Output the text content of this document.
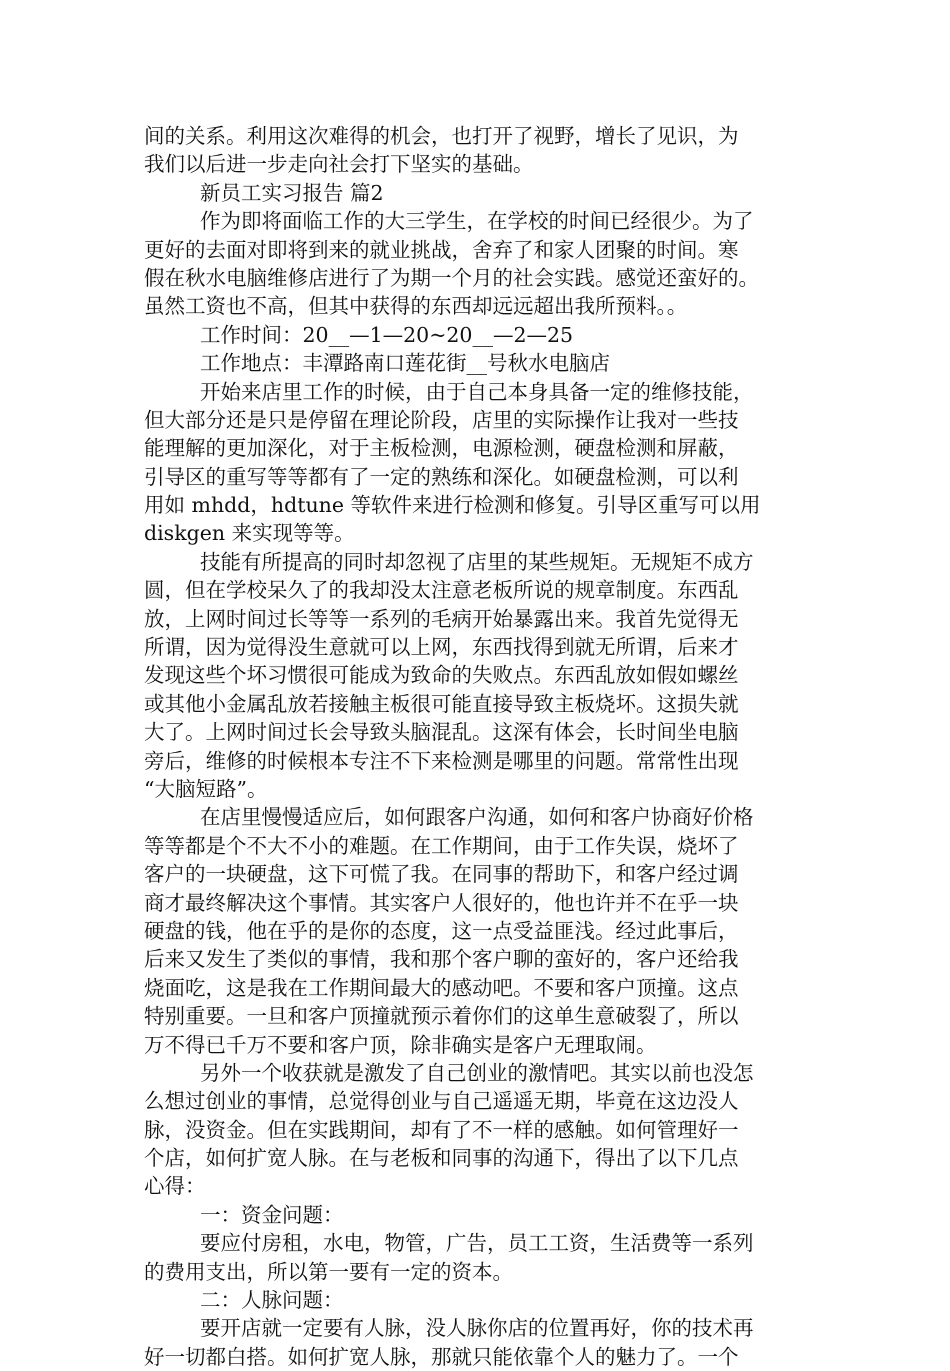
间的关系。利用这次难得的机会，也打开了视野，增长了见识，为
我们以后进一步走向社会打下坚实的基础。
新员工实习报告 篇2
作为即将面临工作的大三学生，在学校的时间已经很少。为了
更好的去面对即将到来的就业挑战，舍弃了和家人团聚的时间。寒
假在秋水电脑维修店进行了为期一个月的社会实践。感觉还蛮好的。
虽然工资也不高，但其中获得的东西却远远超出我所预料。。
工作时间：20__—1—20~20__—2—25
工作地点：丰潭路南口莲花街__号秋水电脑店
开始来店里工作的时候，由于自己本身具备一定的维修技能，
但大部分还是只是停留在理论阶段，店里的实际操作让我对一些技
能理解的更加深化，对于主板检测，电源检测，硬盘检测和屏蔽，
引导区的重写等等都有了一定的熟练和深化。如硬盘检测，可以利
用如 mhdd，hdtune 等软件来进行检测和修复。引导区重写可以用
diskgen 来实现等等。
技能有所提高的同时却忽视了店里的某些规矩。无规矩不成方
圆，但在学校呆久了的我却没太注意老板所说的规章制度。东西乱
放，上网时间过长等等一系列的毛病开始暴露出来。我首先觉得无
所谓，因为觉得没生意就可以上网，东西找得到就无所谓，后来才
发现这些个坏习惯很可能成为致命的失败点。东西乱放如假如螺丝
或其他小金属乱放若接触主板很可能直接导致主板烧坏。这损失就
大了。上网时间过长会导致头脑混乱。这深有体会，长时间坐电脑
旁后，维修的时候根本专注不下来检测是哪里的问题。常常性出现
“大脑短路”。
在店里慢慢适应后，如何跟客户沟通，如何和客户协商好价格
等等都是个不大不小的难题。在工作期间，由于工作失误，烧坏了
客户的一块硬盘，这下可慌了我。在同事的帮助下，和客户经过调
商才最终解决这个事情。其实客户人很好的，他也许并不在乎一块
硬盘的钱，他在乎的是你的态度，这一点受益匪浅。经过此事后，
后来又发生了类似的事情，我和那个客户聊的蛮好的，客户还给我
烧面吃，这是我在工作期间最大的感动吧。不要和客户顶撞。这点
特别重要。一旦和客户顶撞就预示着你们的这单生意破裂了，所以
万不得已千万不要和客户顶，除非确实是客户无理取闹。
另外一个收获就是激发了自己创业的激情吧。其实以前也没怎
么想过创业的事情，总觉得创业与自己遥遥无期，毕竟在这边没人
脉，没资金。但在实践期间，却有了不一样的感触。如何管理好一
个店，如何扩宽人脉。在与老板和同事的沟通下，得出了以下几点
心得：
一：资金问题：
要应付房租，水电，物管，广告，员工工资，生活费等一系列
的费用支出，所以第一要有一定的资本。
二：人脉问题：
要开店就一定要有人脉，没人脉你店的位置再好，你的技术再
好一切都白搭。如何扩宽人脉，那就只能依靠个人的魅力了。一个
